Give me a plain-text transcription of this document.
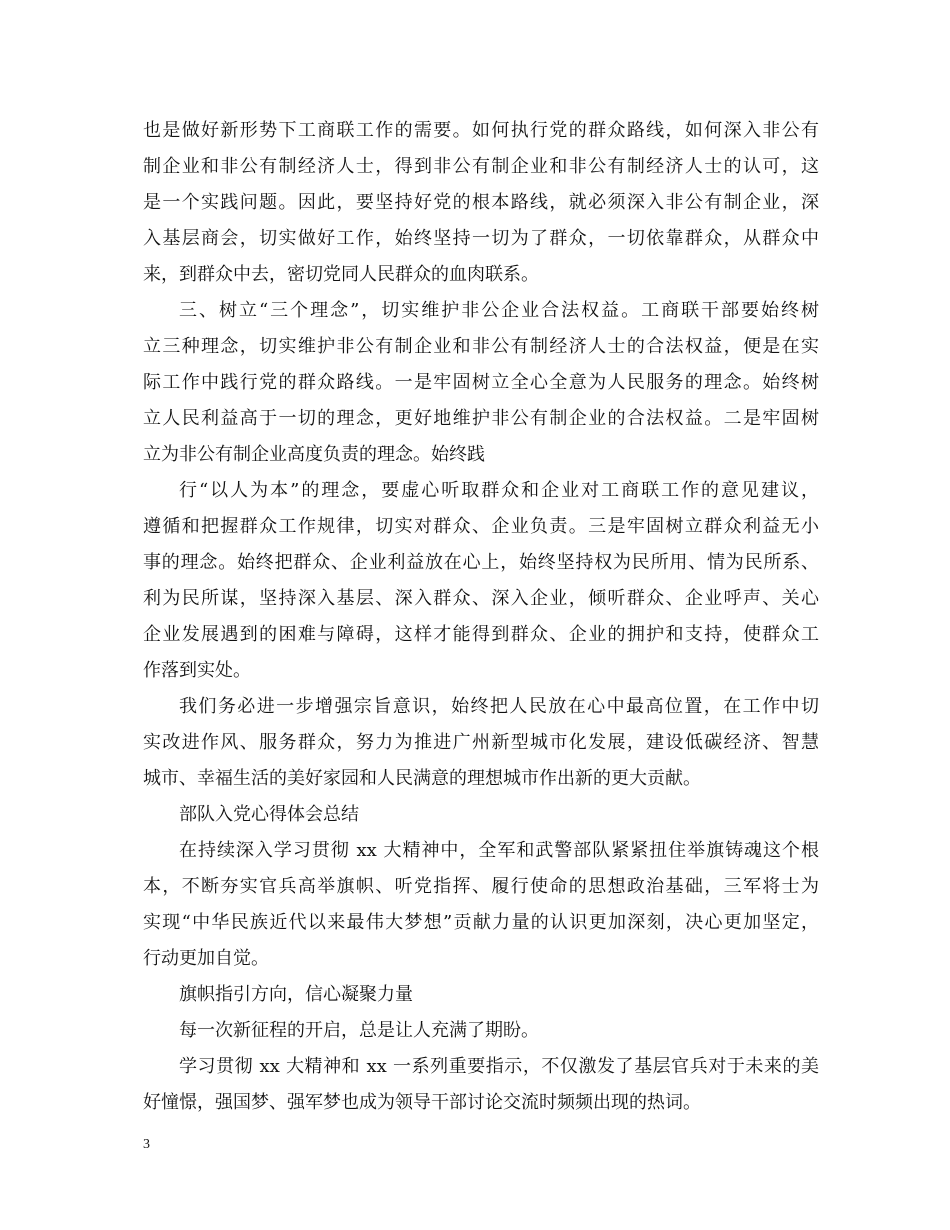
也是做好新形势下工商联工作的需要。如何执行党的群众路线，如何深入非公有
制企业和非公有制经济人士，得到非公有制企业和非公有制经济人士的认可，这
是一个实践问题。因此，要坚持好党的根本路线，就必须深入非公有制企业，深
入基层商会，切实做好工作，始终坚持一切为了群众，一切依靠群众，从群众中
来，到群众中去，密切党同人民群众的血肉联系。
三、树立“三个理念”，切实维护非公企业合法权益。工商联干部要始终树
立三种理念，切实维护非公有制企业和非公有制经济人士的合法权益，便是在实
际工作中践行党的群众路线。一是牢固树立全心全意为人民服务的理念。始终树
立人民利益高于一切的理念，更好地维护非公有制企业的合法权益。二是牢固树
立为非公有制企业高度负责的理念。始终践
行“以人为本”的理念，要虚心听取群众和企业对工商联工作的意见建议，
遵循和把握群众工作规律，切实对群众、企业负责。三是牢固树立群众利益无小
事的理念。始终把群众、企业利益放在心上，始终坚持权为民所用、情为民所系、
利为民所谋，坚持深入基层、深入群众、深入企业，倾听群众、企业呼声、关心
企业发展遇到的困难与障碍，这样才能得到群众、企业的拥护和支持，使群众工
作落到实处。
我们务必进一步增强宗旨意识，始终把人民放在心中最高位置，在工作中切
实改进作风、服务群众，努力为推进广州新型城市化发展，建设低碳经济、智慧
城市、幸福生活的美好家园和人民满意的理想城市作出新的更大贡献。
部队入党心得体会总结
在持续深入学习贯彻 xx 大精神中，全军和武警部队紧紧扭住举旗铸魂这个根
本，不断夯实官兵高举旗帜、听党指挥、履行使命的思想政治基础，三军将士为
实现“中华民族近代以来最伟大梦想”贡献力量的认识更加深刻，决心更加坚定，
行动更加自觉。
旗帜指引方向，信心凝聚力量
每一次新征程的开启，总是让人充满了期盼。
学习贯彻 xx 大精神和 xx 一系列重要指示，不仅激发了基层官兵对于未来的美
好憧憬，强国梦、强军梦也成为领导干部讨论交流时频频出现的热词。
3
